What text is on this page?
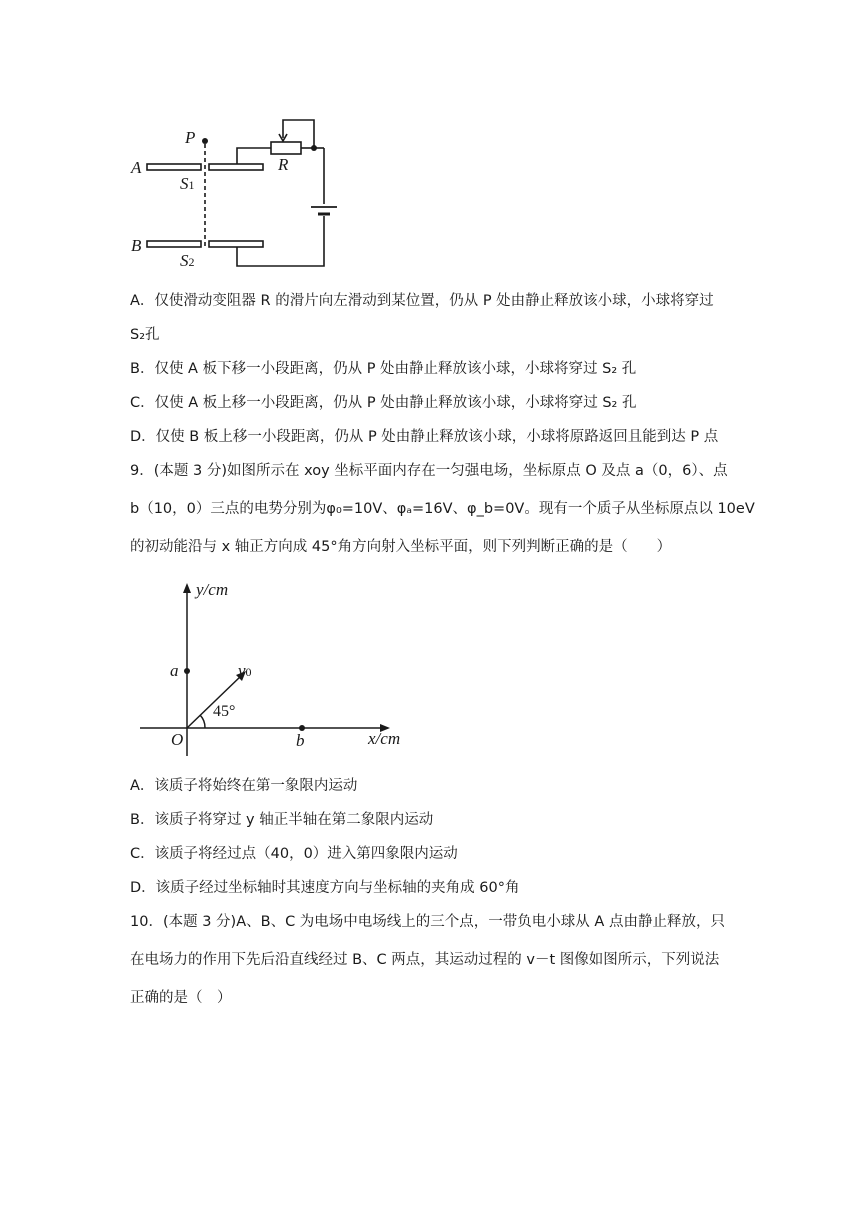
P
A
B
R
S1
S2
A．仅使滑动变阻器 R 的滑片向左滑动到某位置，仍从 P 处由静止释放该小球，小球将穿过
S₂孔
B．仅使 A 板下移一小段距离，仍从 P 处由静止释放该小球，小球将穿过 S₂ 孔
C．仅使 A 板上移一小段距离，仍从 P 处由静止释放该小球，小球将穿过 S₂ 孔
D．仅使 B 板上移一小段距离，仍从 P 处由静止释放该小球，小球将原路返回且能到达 P 点
9．(本题 3 分)如图所示在 xoy 坐标平面内存在一匀强电场，坐标原点 O 及点 a（0，6）、点
b（10，0）三点的电势分别为φ₀=10V、φₐ=16V、φ_b=0V。现有一个质子从坐标原点以 10eV
的初动能沿与 x 轴正方向成 45°角方向射入坐标平面，则下列判断正确的是（　　）
y/cm
x/cm
a
b
O
v0
45°
A．该质子将始终在第一象限内运动
B．该质子将穿过 y 轴正半轴在第二象限内运动
C．该质子将经过点（40，0）进入第四象限内运动
D．该质子经过坐标轴时其速度方向与坐标轴的夹角成 60°角
10．(本题 3 分)A、B、C 为电场中电场线上的三个点，一带负电小球从 A 点由静止释放，只
在电场力的作用下先后沿直线经过 B、C 两点，其运动过程的 v－t 图像如图所示，下列说法
正确的是（　）
